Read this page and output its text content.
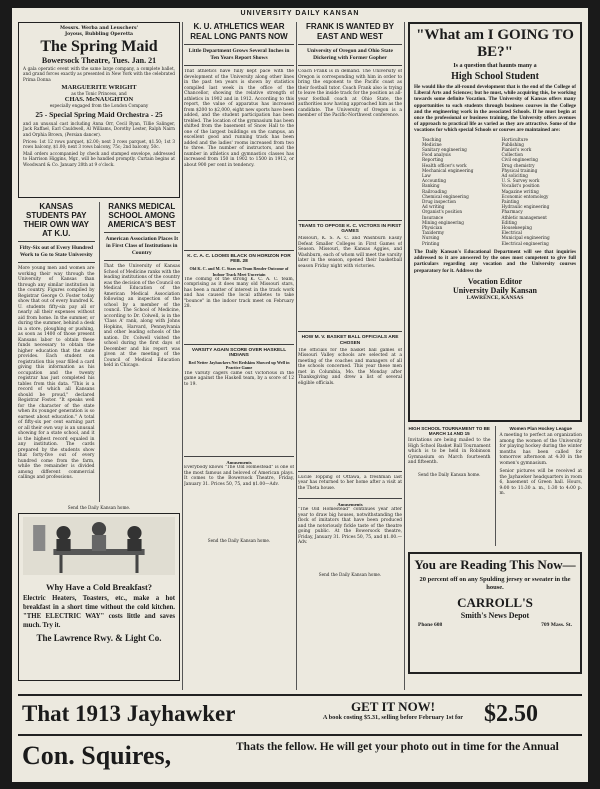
UNIVERSITY DAILY KANSAN
Messrs. Werba and Leuschers'
Joyous, Bubbling Operetta
The Spring Maid
Bowersock Theatre, Tues. Jan. 21
A gala operatic event with the same large company, a complete ballet, and grand forces exactly as presented in New York with the celebrated Prima Donna
MARGUERITE WRIGHT
as the Tonic Princess, and
CHAS. McNAUGHTON
especially engaged from the London Company
25 - Special Spring Maid Orchestra - 25
and an unusual cast including Anna Orr, Cecil Ryan, Tillie Salinger, Jack Raffael, Earl Cauldwell, Al Williams, Dorothy Lester, Ralph Nairn and Orphia Brown, (Persian dancer).
Prices: 1st 12 rows parquet, $2.00; next 3 rows parquet, $1.50; 1st 3 rows balcony, $1.00; next 3 rows balcony, 75c; 2nd balcony, 50c.
Mail orders accompanied by check and stamped envelope, addressed to Harrison Higgins, Mgr., will be handled promptly. Curtain begins at Woodward & Co. January 20th at 9 o'clock.
KANSAS STUDENTS PAY THEIR OWN WAY AT K.U.
Fifty-Six out of Every Hundred Work to Go to State University
More young men and women are working their way through the University of Kansas than through any similar institution in the country. Figures compiled by Registrar George O. Foster today show that out of every hundred K. U. students fifty-six pay all or nearly all their expenses without aid from home. In the summer, or during the summer, behind a desk in a store, ploughing or pushing, as soon as 1400 of those present Kansans labor to obtain these funds necessary to obtain the higher education that the state provides. Each student on registration this year filled a card giving this information as his occupation and the twenty registrar has just completed his tables from this data. "This is a record of which all Kansans should be proud," declared Registrar Foster. "It speaks well for the character of the state when its younger generation is so earnest about education." A total of fifty-six per cent earning part or all their own way is an unusual showing for a state school, and it is the highest record equaled in any institution. The cards prepared by the students show that forty-five out of every hundred come from the farm, while the remainder is divided among different commercial callings and professions.
RANKS MEDICAL SCHOOL AMONG AMERICA'S BEST
American Association Places It in First Class of Institutions in Country
That the University of Kansas School of Medicine ranks with the leading institutions of the country was the decision of the Council on Medical Education of the American Medical Association following an inspection of the school by a member of the council. The School of Medicine, according to Dr. Colwell, is in the 'Class A' rank, along with Johns Hopkins, Harvard, Pennsylvania and other leading schools of the nation. Dr. Colwell visited the school during the first days of December and his report was given at the meeting of the Council of Medical Education held in Chicago.
Send the Daily Kansan home.
Why Have a Cold Breakfast?
Electric Heaters, Toasters, etc., make a hot breakfast in a short time without the cold kitchen. "THE ELECTRIC WAY" costs little and saves much. Try it.
The Lawrence Rwy. & Light Co.
K. U. ATHLETICS WEAR REAL LONG PANTS NOW
Little Department Grows Several Inches in Ten Years Report Shows
That athletics have fully kept pace with the development of the University along other lines in the past ten years is shown by statistics compiled last week in the office of the Chancellor, showing the relative strength of athletics in 1902 and in 1912. According to this report, the value of apparatus has increased from $200 to $2,000, eight new sports have been added, and the student participation has been trebled. The location of the gymnasium has been shifted from the basement of Snow Hall to the one of the largest buildings on the campus, an excellent good and running track has been added and the ladies' rooms increased from two to three. The number of instructors, and the number in athletics and gymnastics classes has increased from 150 in 1902 to 1500 in 1912, or about 900 per cent in tendency.
K. C. A. C. LOOMS BLACK ON HORIZON FOR FEB. 28
Old K. C. and M. C. Stars on Team Render Outcome of Indoor Track Meet Uncertain
The coming of the strong K. C. A. C. team, comprising as it does many old Missouri stars, has been a matter of interest in the track work and has caused the local athletes to take "bounce" in the indoor track meet on February 28.
VARSITY AGAIN SCORE OVER HASKELL INDIANS
Red Netter Jayhawkers Net Redskins Showed up Well in Practice Game
The varsity cagers came out victorious in the game against the Haskell team, by a score of 12 to 19.
Amusements
Everybody knows "The Old Homestead" is one of the most famous and beloved of American plays. It comes to the Bowersock Theatre, Friday, January 31. Prices 50, 75, and $1.00—Adv.
Send the Daily Kansan home.
FRANK IS WANTED BY EAST AND WEST
University of Oregon and Ohio State Dickering with Former Gopher
Coach Frank is in demand. The University of Oregon is corresponding with him in order to bring the exponent to the Pacific coast as their football tutor. Coach Frank also is trying to leave the inside track for the position as all-year football coach at Ohio State, the authorities now having approached him as the candidate. The University of Oregon is a member of the Pacific-Northwest conference.
TEAMS TO OPPOSE K. C. VICTORS IN FIRST GAMES
Missouri, K. S. A. C. and Washburn Easily Defeat Smaller Colleges in First Games of Season. Missouri, the Kansas Aggies, and Washburn, each of whom will meet the varsity later in the season, opened their basketball season Friday night with victories.
HOW M. V. BASKET BALL OFFICIALS ARE CHOSEN
The officials for the basket ball games of Missouri Valley schools are selected at a meeting of the coaches and managers of all the schools concerned. This year these men met in Columbia, Mo. the Monday after Thanksgiving and drew a list of several eligible officials.
Lucile Topping of Ottawa, a freshman last year has returned to her home after a visit at the Theta house.
Amusements
"The Old Homestead" continues year after year to draw big houses, notwithstanding the flock of imitators that have been produced and the notoriously fickle taste of the theatre going public. At the Bowersock theatre, Friday, January 31. Prices 50, 75, and $1.00.—Adv.
Send the Daily Kansan home.
"What am I GOING TO BE?"
Is a question that haunts many a
High School Student
He would like the all-round development that is the end of the College of Liberal Arts and Sciences; but he must, while acquiring this, be working towards some definite Vocation. The University of Kansas offers many opportunities to such students through business courses in the College and the engineering work in the associated Schools. If he must begin at once the professional or business training, the University offers avenues of approach to practical life as varied as they are attractive. Some of the vocations for which special Schools or courses are maintained are:
Teaching
Medicine
Sanitary engineering
Food analysis
Reporting
Health officer's work
Mechanical engineering
Law
Accounting
Banking
Railroading
Chemical engineering
Drug inspection
Ad writing
Organist's position
Insurance
Mining engineering
Physician
Taxidermy
Nursing
Printing
Horticulture
Publishing
Pianist's work
Collection
Civil engineering
Drug chemistry
Physical training
Ad soliciting
U. S. Survey work
Vocalist's position
Magazine writing
Economic entomology
Painting
Hydraulic engineering
Pharmacy
Athletic management
Editing
Housekeeping
Electrical
Municipal engineering
Electrical engineering
The Daily Kansan's Educational Department will see that inquiries addressed to it are answered by the ones most competent to give full particulars regarding any vocation and the University courses preparatory for it. Address the
Vocation Editor
University Daily Kansan
LAWRENCE, KANSAS
HIGH SCHOOL TOURNAMENT TO BE MARCH 14 AND 15
Invitations are being mailed to the High School Basket Ball Tournament which is to be held in Robinson Gymnasium on March fourteenth and fifteenth.
Send the Daily Kansan home.
Women Plan Hockey League
A meeting to perfect an organization among the women of the University for playing hockey during the winter months has been called for tomorrow afternoon at 4:30 in the women's gymnasium.
Senior pictures will be received at the Jayhawker headquarters in room 6, basement of Green hall. Hours, 9:00 to 11:30 a. m., 1:30 to 4:00 p. m.
You are Reading This Now—
20 percent off on any Spulding jersey or sweater in the house.
CARROLL'S
Smith's News Depot
Phone 608	709 Mass. St.
That 1913 Jayhawker	GET IT NOW!
A book costing $5.31, selling before February 1st for $2.50
Con. Squires,	Thats the fellow. He will get your photo out in time for the Annual
